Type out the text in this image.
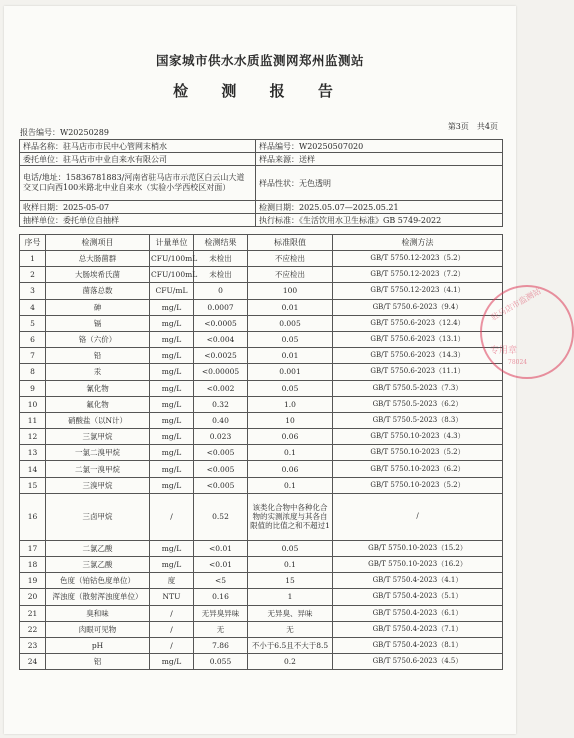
国家城市供水水质监测网郑州监测站
检 测 报 告
第3页　共4页
报告编号：W20250289
样品名称：驻马店市市民中心管网末梢水	样品编号：W20250507020
委托单位：驻马店市中业自来水有限公司	样品来源：送样
电话/地址：15836781883/河南省驻马店市示范区白云山大道交叉口向西100米路北中业自来水（实验小学西校区对面）	样品性状：无色透明
收样日期：2025-05-07	检测日期：2025.05.07—2025.05.21
抽样单位：委托单位自抽样	执行标准：《生活饮用水卫生标准》GB 5749-2022
序号	检测项目	计量单位	检测结果	标准限值	检测方法
1	总大肠菌群	CFU/100mL	未检出	不应检出	GB/T 5750.12-2023（5.2）
2	大肠埃希氏菌	CFU/100mL	未检出	不应检出	GB/T 5750.12-2023（7.2）
3	菌落总数	CFU/mL	0	100	GB/T 5750.12-2023（4.1）
4	砷	mg/L	0.0007	0.01	GB/T 5750.6-2023（9.4）
5	镉	mg/L	<0.0005	0.005	GB/T 5750.6-2023（12.4）
6	铬（六价）	mg/L	<0.004	0.05	GB/T 5750.6-2023（13.1）
7	铅	mg/L	<0.0025	0.01	GB/T 5750.6-2023（14.3）
8	汞	mg/L	<0.00005	0.001	GB/T 5750.6-2023（11.1）
9	氰化物	mg/L	<0.002	0.05	GB/T 5750.5-2023（7.3）
10	氟化物	mg/L	0.32	1.0	GB/T 5750.5-2023（6.2）
11	硝酸盐（以N计）	mg/L	0.40	10	GB/T 5750.5-2023（8.3）
12	三氯甲烷	mg/L	0.023	0.06	GB/T 5750.10-2023（4.3）
13	一氯二溴甲烷	mg/L	<0.005	0.1	GB/T 5750.10-2023（5.2）
14	二氯一溴甲烷	mg/L	<0.005	0.06	GB/T 5750.10-2023（6.2）
15	三溴甲烷	mg/L	<0.005	0.1	GB/T 5750.10-2023（5.2）
16	三卤甲烷	/	0.52	该类化合物中各种化合物的实测浓度与其各自限值的比值之和不超过1	/
17	二氯乙酸	mg/L	<0.01	0.05	GB/T 5750.10-2023（15.2）
18	三氯乙酸	mg/L	<0.01	0.1	GB/T 5750.10-2023（16.2）
19	色度（铂钴色度单位）	度	<5	15	GB/T 5750.4-2023（4.1）
20	浑浊度（散射浑浊度单位）	NTU	0.16	1	GB/T 5750.4-2023（5.1）
21	臭和味	/	无异臭异味	无异臭、异味	GB/T 5750.4-2023（6.1）
22	肉眼可见物	/	无	无	GB/T 5750.4-2023（7.1）
23	pH	/	7.86	不小于6.5且不大于8.5	GB/T 5750.4-2023（8.1）
24	铝	mg/L	0.055	0.2	GB/T 5750.6-2023（4.5）
驻马店市监测站
专用章
78024
